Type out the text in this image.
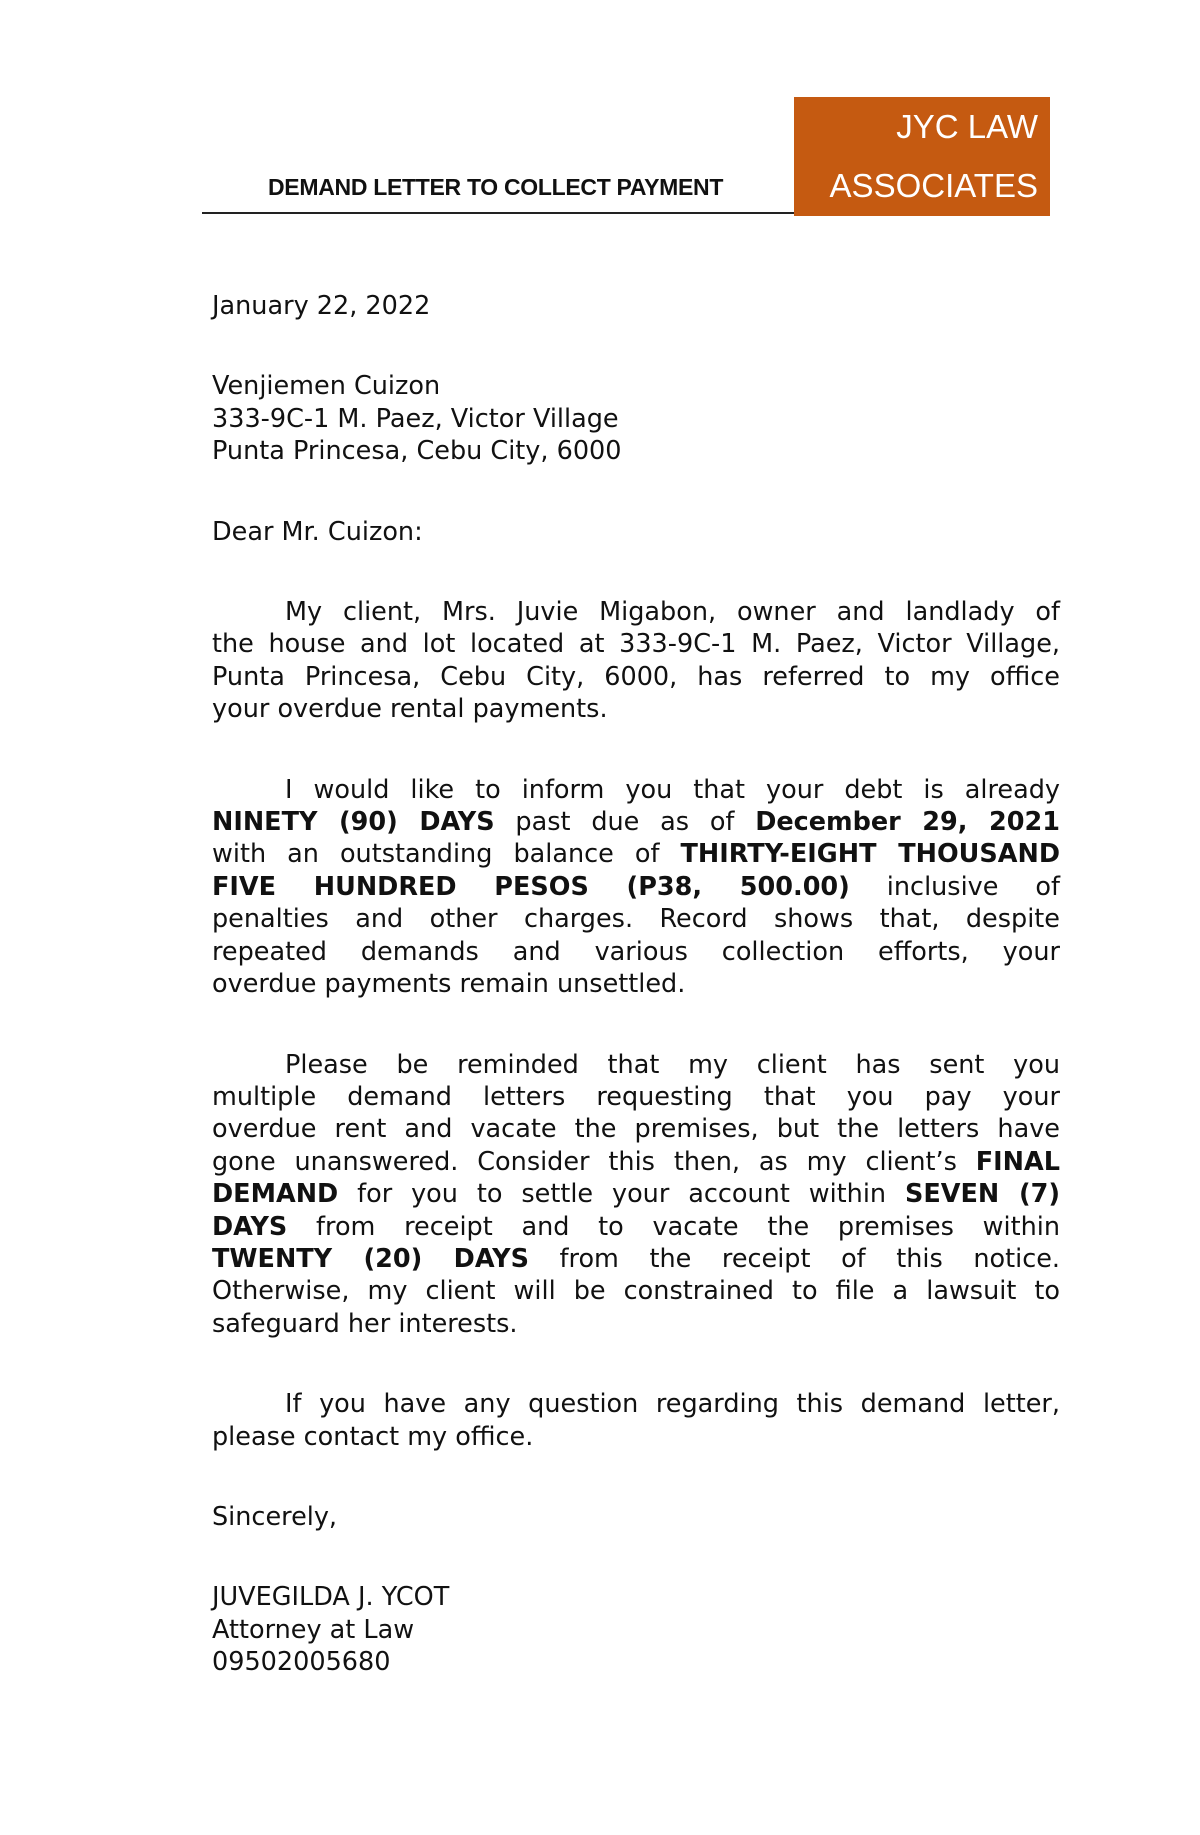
DEMAND LETTER TO COLLECT PAYMENT
JYC LAW
ASSOCIATES
January 22, 2022
Venjiemen Cuizon
333-9C-1 M. Paez, Victor Village
Punta Princesa, Cebu City, 6000
Dear Mr. Cuizon:
My client, Mrs. Juvie Migabon, owner and landlady of
the house and lot located at 333-9C-1 M. Paez, Victor Village,
Punta Princesa, Cebu City, 6000, has referred to my office
your overdue rental payments.
I would like to inform you that your debt is already
NINETY (90) DAYS past due as of December 29, 2021
with an outstanding balance of THIRTY-EIGHT THOUSAND
FIVE HUNDRED PESOS (P38, 500.00) inclusive of
penalties and other charges. Record shows that, despite
repeated demands and various collection efforts, your
overdue payments remain unsettled.
Please be reminded that my client has sent you
multiple demand letters requesting that you pay your
overdue rent and vacate the premises, but the letters have
gone unanswered. Consider this then, as my client’s FINAL
DEMAND for you to settle your account within SEVEN (7)
DAYS from receipt and to vacate the premises within
TWENTY (20) DAYS from the receipt of this notice.
Otherwise, my client will be constrained to file a lawsuit to
safeguard her interests.
If you have any question regarding this demand letter,
please contact my office.
Sincerely,
JUVEGILDA J. YCOT
Attorney at Law
09502005680
